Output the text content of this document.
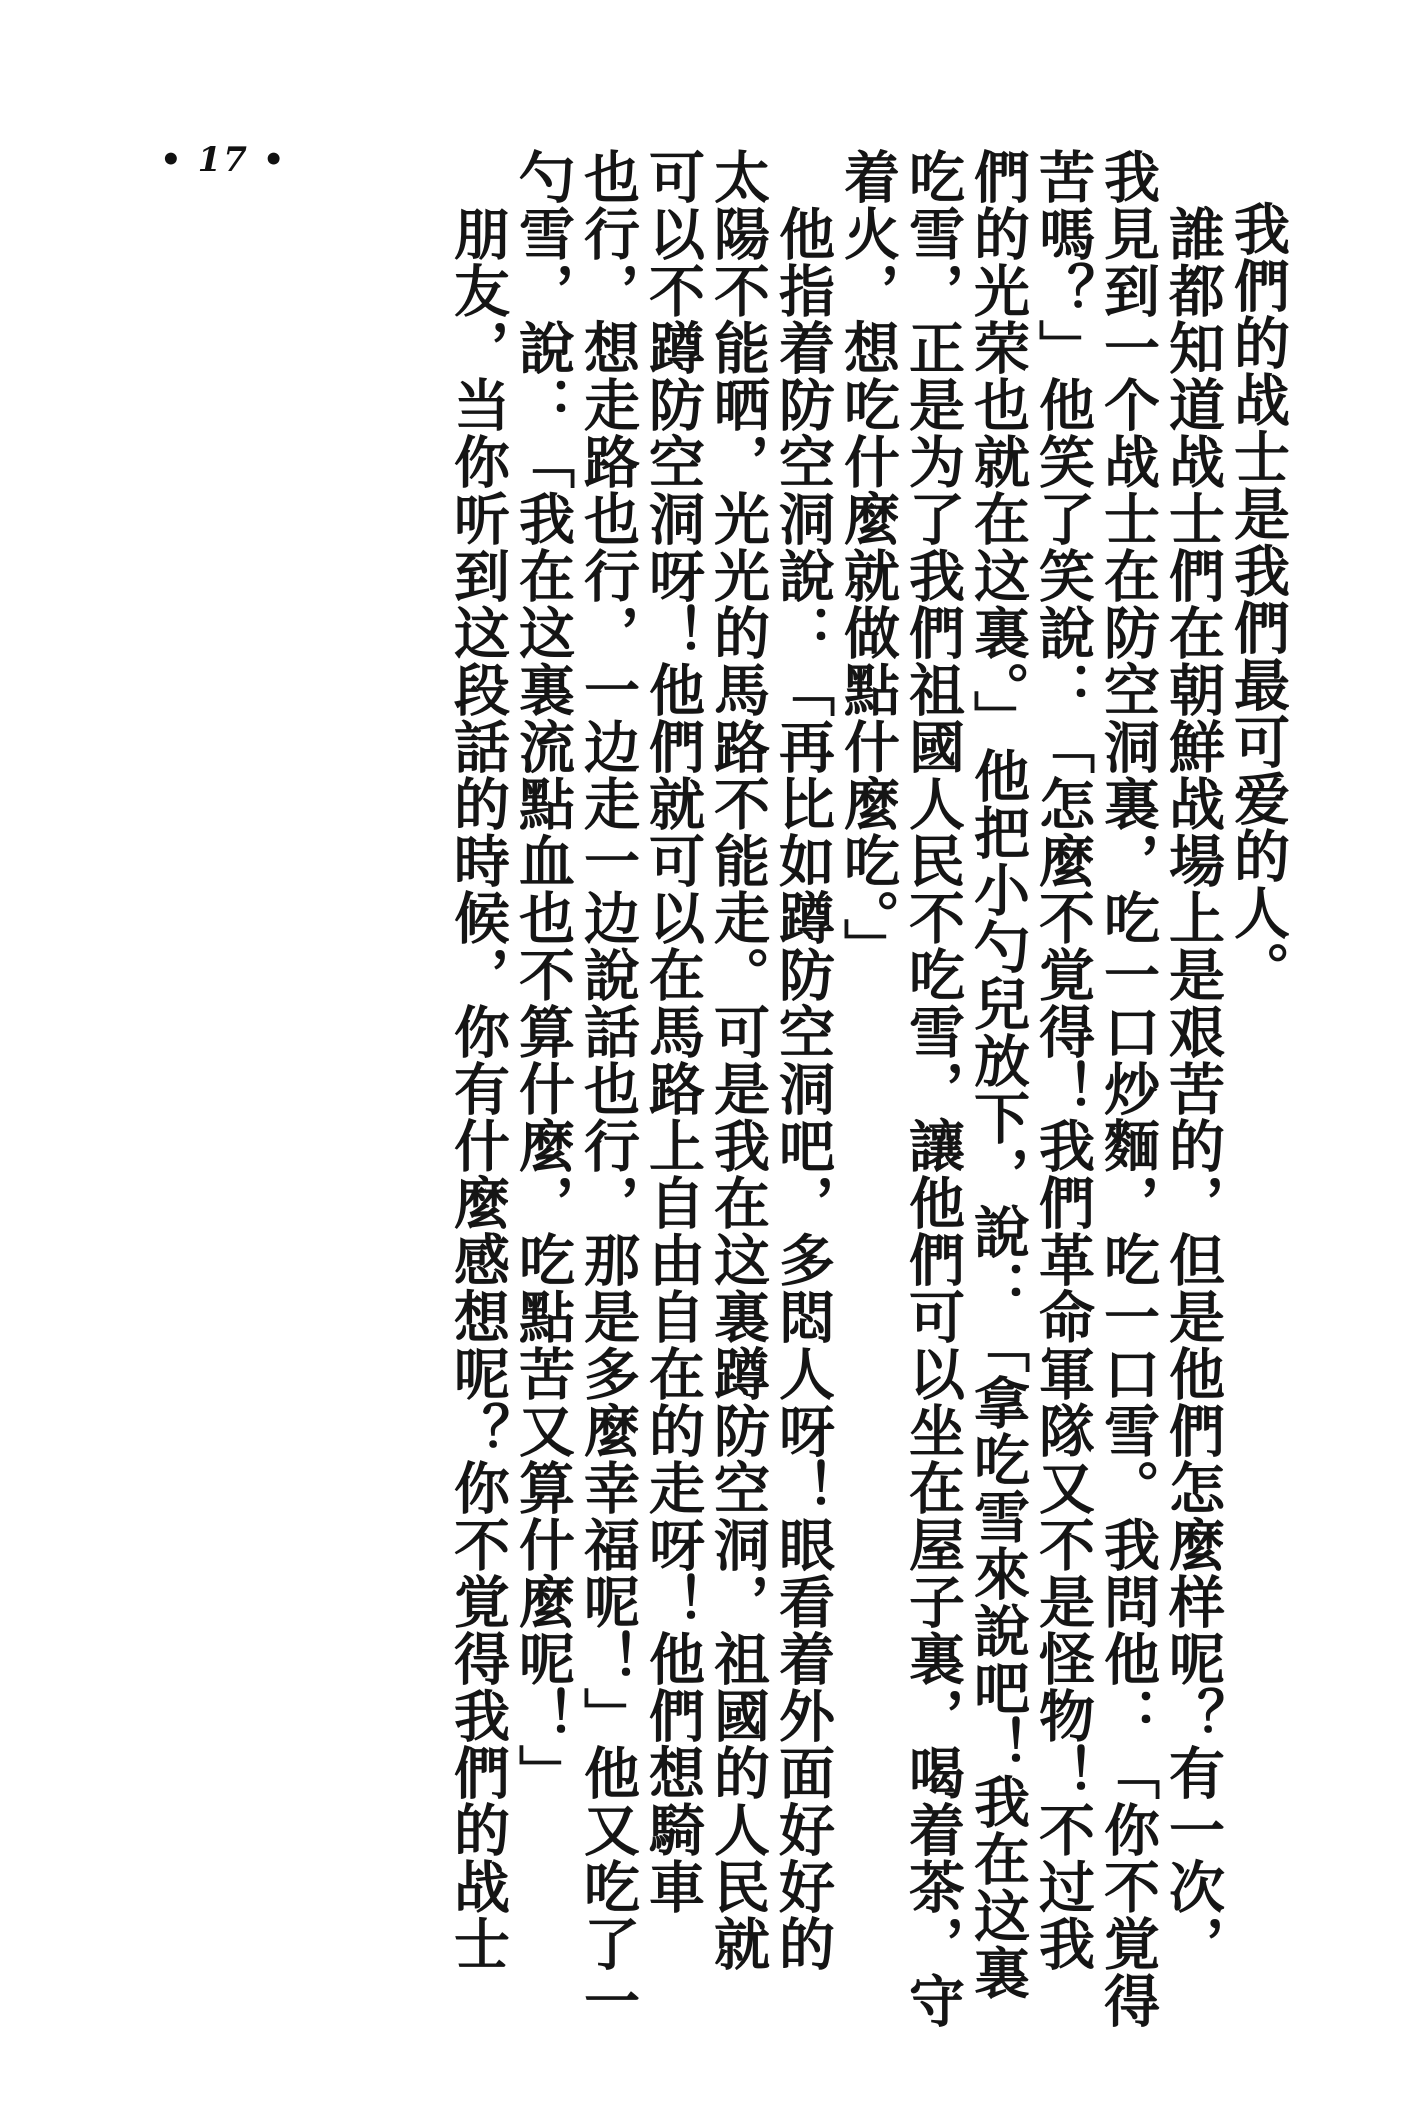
• 17 •
我們的战士是我們最可爱的人。
　誰都知道战士們在朝鮮战場上是艰苦的，但是他們怎麼样呢？有一次，
我見到一个战士在防空洞裏，吃一口炒麵，吃一口雪。我問他：「你不覚得
苦嗎？」他笑了笑說：「怎麼不覚得！我們革命軍隊又不是怪物！不过我
們的光荣也就在这裏。」他把小勺兒放下，說：「拿吃雪來說吧！我在这裏
吃雪，正是为了我們祖國人民不吃雪，讓他們可以坐在屋子裏，喝着茶，守
着火，想吃什麼就做點什麼吃。」
　他指着防空洞說：「再比如蹲防空洞吧，多悶人呀！眼看着外面好好的
太陽不能晒，光光的馬路不能走。可是我在这裏蹲防空洞，祖國的人民就
可以不蹲防空洞呀！他們就可以在馬路上自由自在的走呀！他們想騎車
也行，想走路也行，一边走一边說話也行，那是多麼幸福呢！」他又吃了一
勺雪，說：「我在这裏流點血也不算什麼，吃點苦又算什麼呢！」
　朋友，当你听到这段話的時候，你有什麼感想呢？你不覚得我們的战士
